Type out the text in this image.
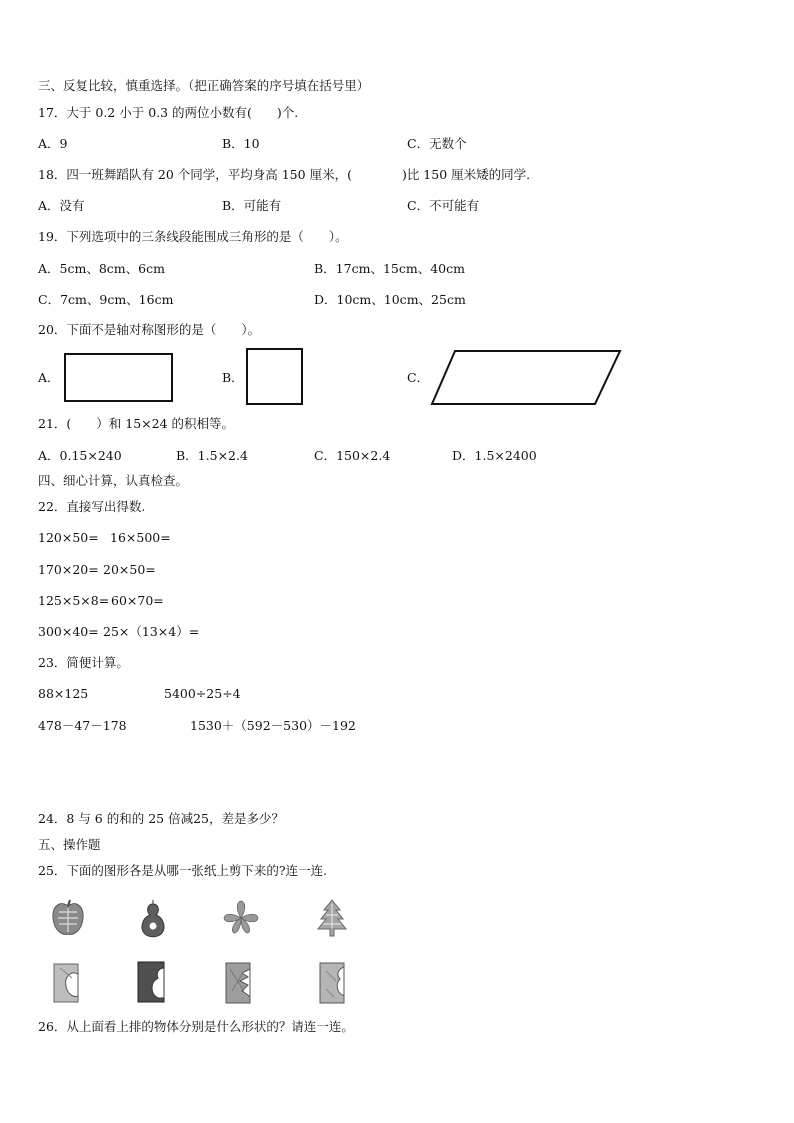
三、反复比较，慎重选择。（把正确答案的序号填在括号里）
17．大于 0.2 小于 0.3 的两位小数有(　　)个.
A．9	B．10	C．无数个
18．四一班舞蹈队有 20 个同学，平均身高 150 厘米，(　　　　)比 150 厘米矮的同学.
A．没有	B．可能有	C．不可能有
19．下列选项中的三条线段能围成三角形的是（　　）。
A．5cm、8cm、6cm	B．17cm、15cm、40cm
C．7cm、9cm、16cm	D．10cm、10cm、25cm
20．下面不是轴对称图形的是（　　）。
A．	B．	C．
21．(　　）和 15×24 的积相等。
A．0.15×240	B．1.5×2.4	C．150×2.4	D．1.5×2400
四、细心计算，认真检查。
22．直接写出得数.
120×50= 16×500=
170×20= 20×50=
125×5×8= 60×70=
300×40= 25×（13×4）=
23．简便计算。
88×125	5400÷25÷4
478－47－178	1530＋（592－530）－192
24．8 与 6 的和的 25 倍减25，差是多少？
五、操作题
25．下面的图形各是从哪一张纸上剪下来的?连一连.
26．从上面看上排的物体分别是什么形状的？请连一连。
